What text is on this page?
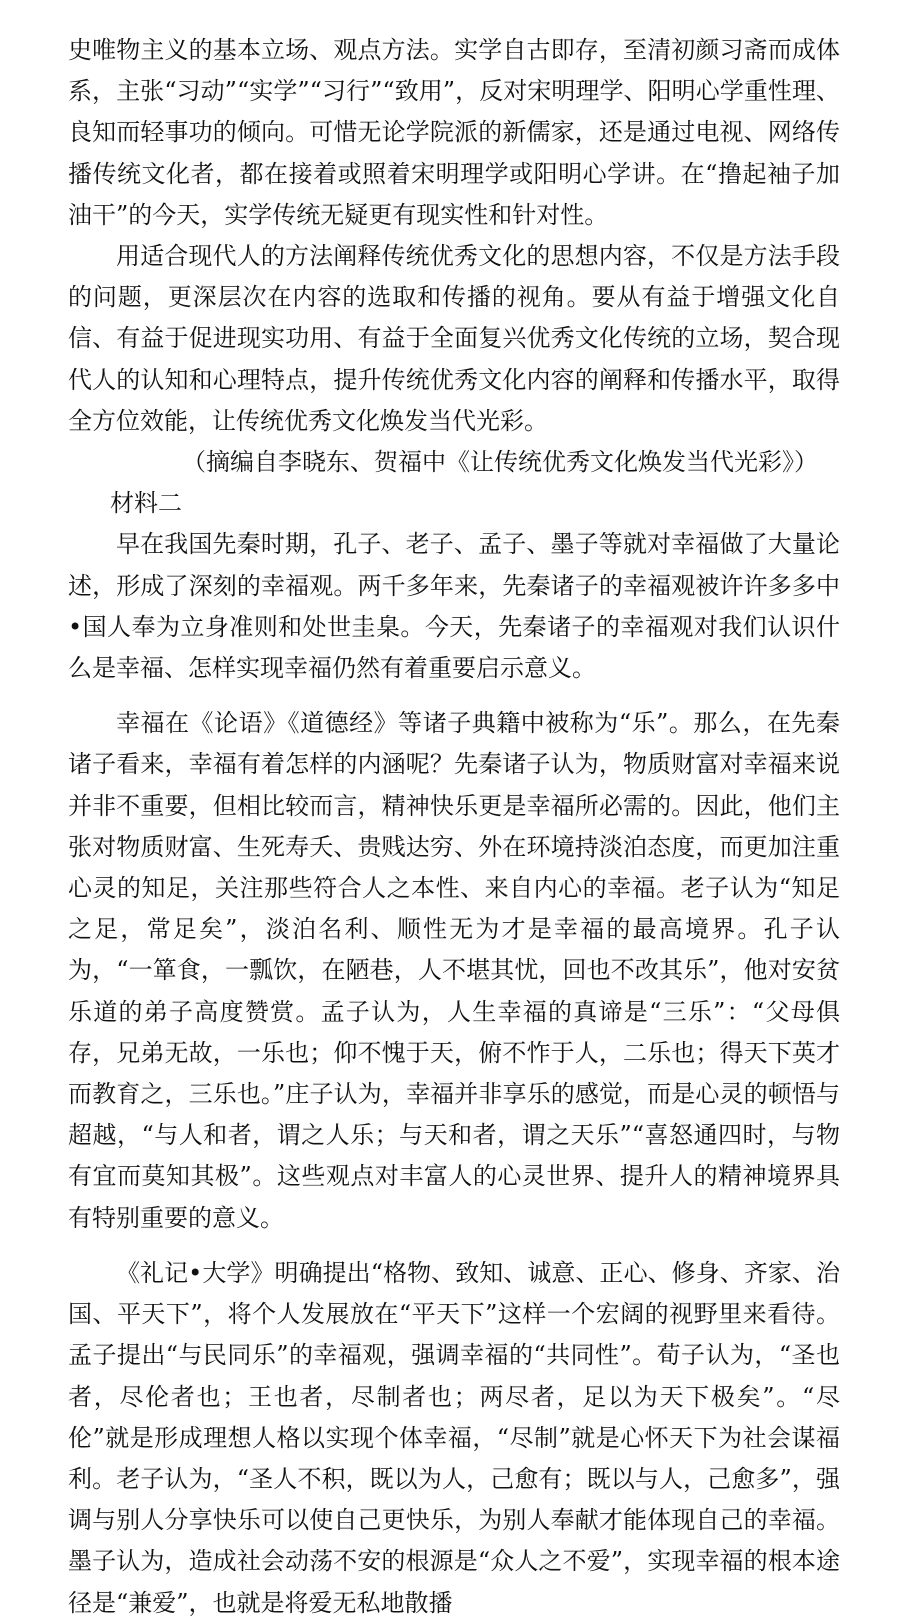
史唯物主义的基本立场、观点方法。实学自古即存，至清初颜习斋而成体系，主张“习动”“实学”“习行”“致用”，反对宋明理学、阳明心学重性理、良知而轻事功的倾向。可惜无论学院派的新儒家，还是通过电视、网络传播传统文化者，都在接着或照着宋明理学或阳明心学讲。在“撸起袖子加油干”的今天，实学传统无疑更有现实性和针对性。

用适合现代人的方法阐释传统优秀文化的思想内容，不仅是方法手段的问题，更深层次在内容的选取和传播的视角。要从有益于增强文化自信、有益于促进现实功用、有益于全面复兴优秀文化传统的立场，契合现代人的认知和心理特点，提升传统优秀文化内容的阐释和传播水平，取得全方位效能，让传统优秀文化焕发当代光彩。

（摘编自李晓东、贺福中《让传统优秀文化焕发当代光彩》）

材料二

早在我国先秦时期，孔子、老子、孟子、墨子等就对幸福做了大量论述，形成了深刻的幸福观。两千多年来，先秦诸子的幸福观被许许多多中•国人奉为立身准则和处世圭臬。今天，先秦诸子的幸福观对我们认识什么是幸福、怎样实现幸福仍然有着重要启示意义。

幸福在《论语》《道德经》等诸子典籍中被称为“乐”。那么，在先秦诸子看来，幸福有着怎样的内涵呢？先秦诸子认为，物质财富对幸福来说并非不重要，但相比较而言，精神快乐更是幸福所必需的。因此，他们主张对物质财富、生死寿夭、贵贱达穷、外在环境持淡泊态度，而更加注重心灵的知足，关注那些符合人之本性、来自内心的幸福。老子认为“知足之足，常足矣”，淡泊名利、顺性无为才是幸福的最高境界。孔子认为，“一箪食，一瓢饮，在陋巷，人不堪其忧，回也不改其乐”，他对安贫乐道的弟子高度赞赏。孟子认为，人生幸福的真谛是“三乐”：“父母俱存，兄弟无故，一乐也；仰不愧于天，俯不怍于人，二乐也；得天下英才而教育之，三乐也。”庄子认为，幸福并非享乐的感觉，而是心灵的顿悟与超越，“与人和者，谓之人乐；与天和者，谓之天乐”“喜怒通四时，与物有宜而莫知其极”。这些观点对丰富人的心灵世界、提升人的精神境界具有特别重要的意义。

《礼记•大学》明确提出“格物、致知、诚意、正心、修身、齐家、治国、平天下”，将个人发展放在“平天下”这样一个宏阔的视野里来看待。孟子提出“与民同乐”的幸福观，强调幸福的“共同性”。荀子认为，“圣也者，尽伦者也；王也者，尽制者也；两尽者，足以为天下极矣”。“尽伦”就是形成理想人格以实现个体幸福，“尽制”就是心怀天下为社会谋福利。老子认为，“圣人不积，既以为人，己愈有；既以与人，己愈多”，强调与别人分享快乐可以使自己更快乐，为别人奉献才能体现自己的幸福。墨子认为，造成社会动荡不安的根源是“众人之不爱”，实现幸福的根本途径是“兼爱”，也就是将爱无私地散播
